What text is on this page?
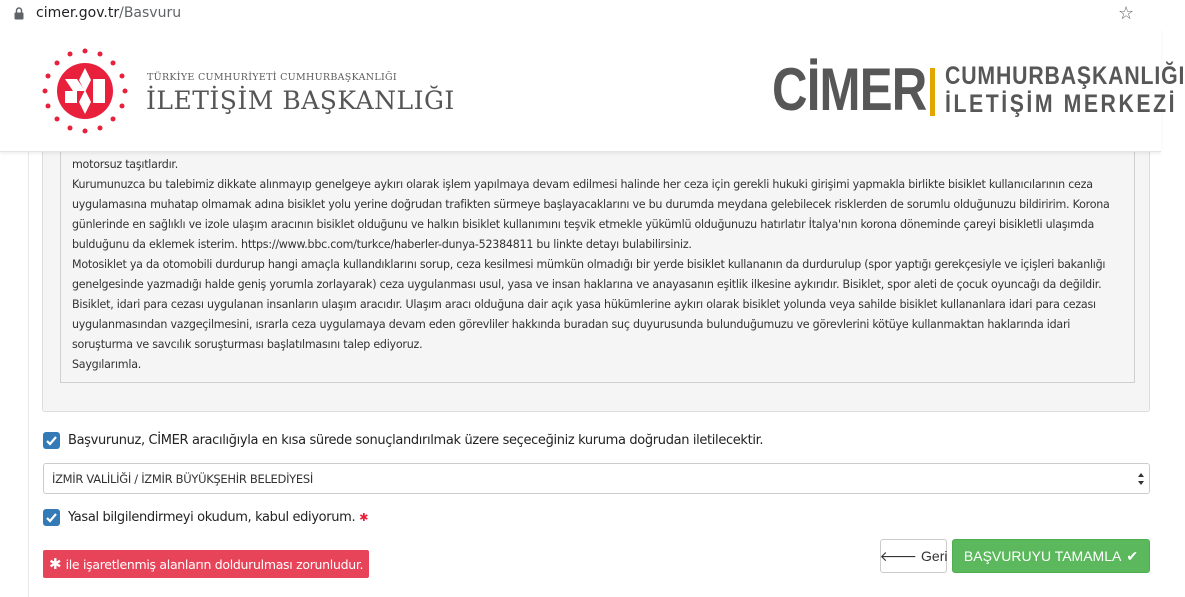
cimer.gov.tr/Basvuru	☆
TÜRKİYE CUMHURİYETİ CUMHURBAŞKANLIĞI
İLETİŞİM BAŞKANLIĞI	CİMER CUMHURBAŞKANLIĞI
İLETİŞİM MERKEZİ
motorsuz taşıtlardır.
Kurumunuzca bu talebimiz dikkate alınmayıp genelgeye aykırı olarak işlem yapılmaya devam edilmesi halinde her ceza için gerekli hukuki girişimi yapmakla birlikte bisiklet kullanıcılarının ceza
uygulamasına muhatap olmamak adına bisiklet yolu yerine doğrudan trafikten sürmeye başlayacaklarını ve bu durumda meydana gelebilecek risklerden de sorumlu olduğunuzu bildiririm. Korona
günlerinde en sağlıklı ve izole ulaşım aracının bisiklet olduğunu ve halkın bisiklet kullanımını teşvik etmekle yükümlü olduğunuzu hatırlatır İtalya'nın korona döneminde çareyi bisikletli ulaşımda
bulduğunu da eklemek isterim. https://www.bbc.com/turkce/haberler-dunya-52384811 bu linkte detayı bulabilirsiniz.
Motosiklet ya da otomobili durdurup hangi amaçla kullandıklarını sorup, ceza kesilmesi mümkün olmadığı bir yerde bisiklet kullananın da durdurulup (spor yaptığı gerekçesiyle ve içişleri bakanlığı
genelgesinde yazmadığı halde geniş yorumla zorlayarak) ceza uygulanması usul, yasa ve insan haklarına ve anayasanın eşitlik ilkesine aykırıdır. Bisiklet, spor aleti de çocuk oyuncağı da değildir.
Bisiklet, idari para cezası uygulanan insanların ulaşım aracıdır. Ulaşım aracı olduğuna dair açık yasa hükümlerine aykırı olarak bisiklet yolunda veya sahilde bisiklet kullananlara idari para cezası
uygulanmasından vazgeçilmesini, ısrarla ceza uygulamaya devam eden görevliler hakkında buradan suç duyurusunda bulunduğumuzu ve görevlerini kötüye kullanmaktan haklarında idari
soruşturma ve savcılık soruşturması başlatılmasını talep ediyoruz.
Saygılarımla.
Başvurunuz, CİMER aracılığıyla en kısa sürede sonuçlandırılmak üzere seçeceğiniz kuruma doğrudan iletilecektir.
İZMİR VALİLİĞİ / İZMİR BÜYÜKŞEHİR BELEDİYESİ
Yasal bilgilendirmeyi okudum, kabul ediyorum. ✱
✱ ile işaretlenmiş alanların doldurulması zorunludur.
🡐 Geri BAŞVURUYU TAMAMLA ✔
